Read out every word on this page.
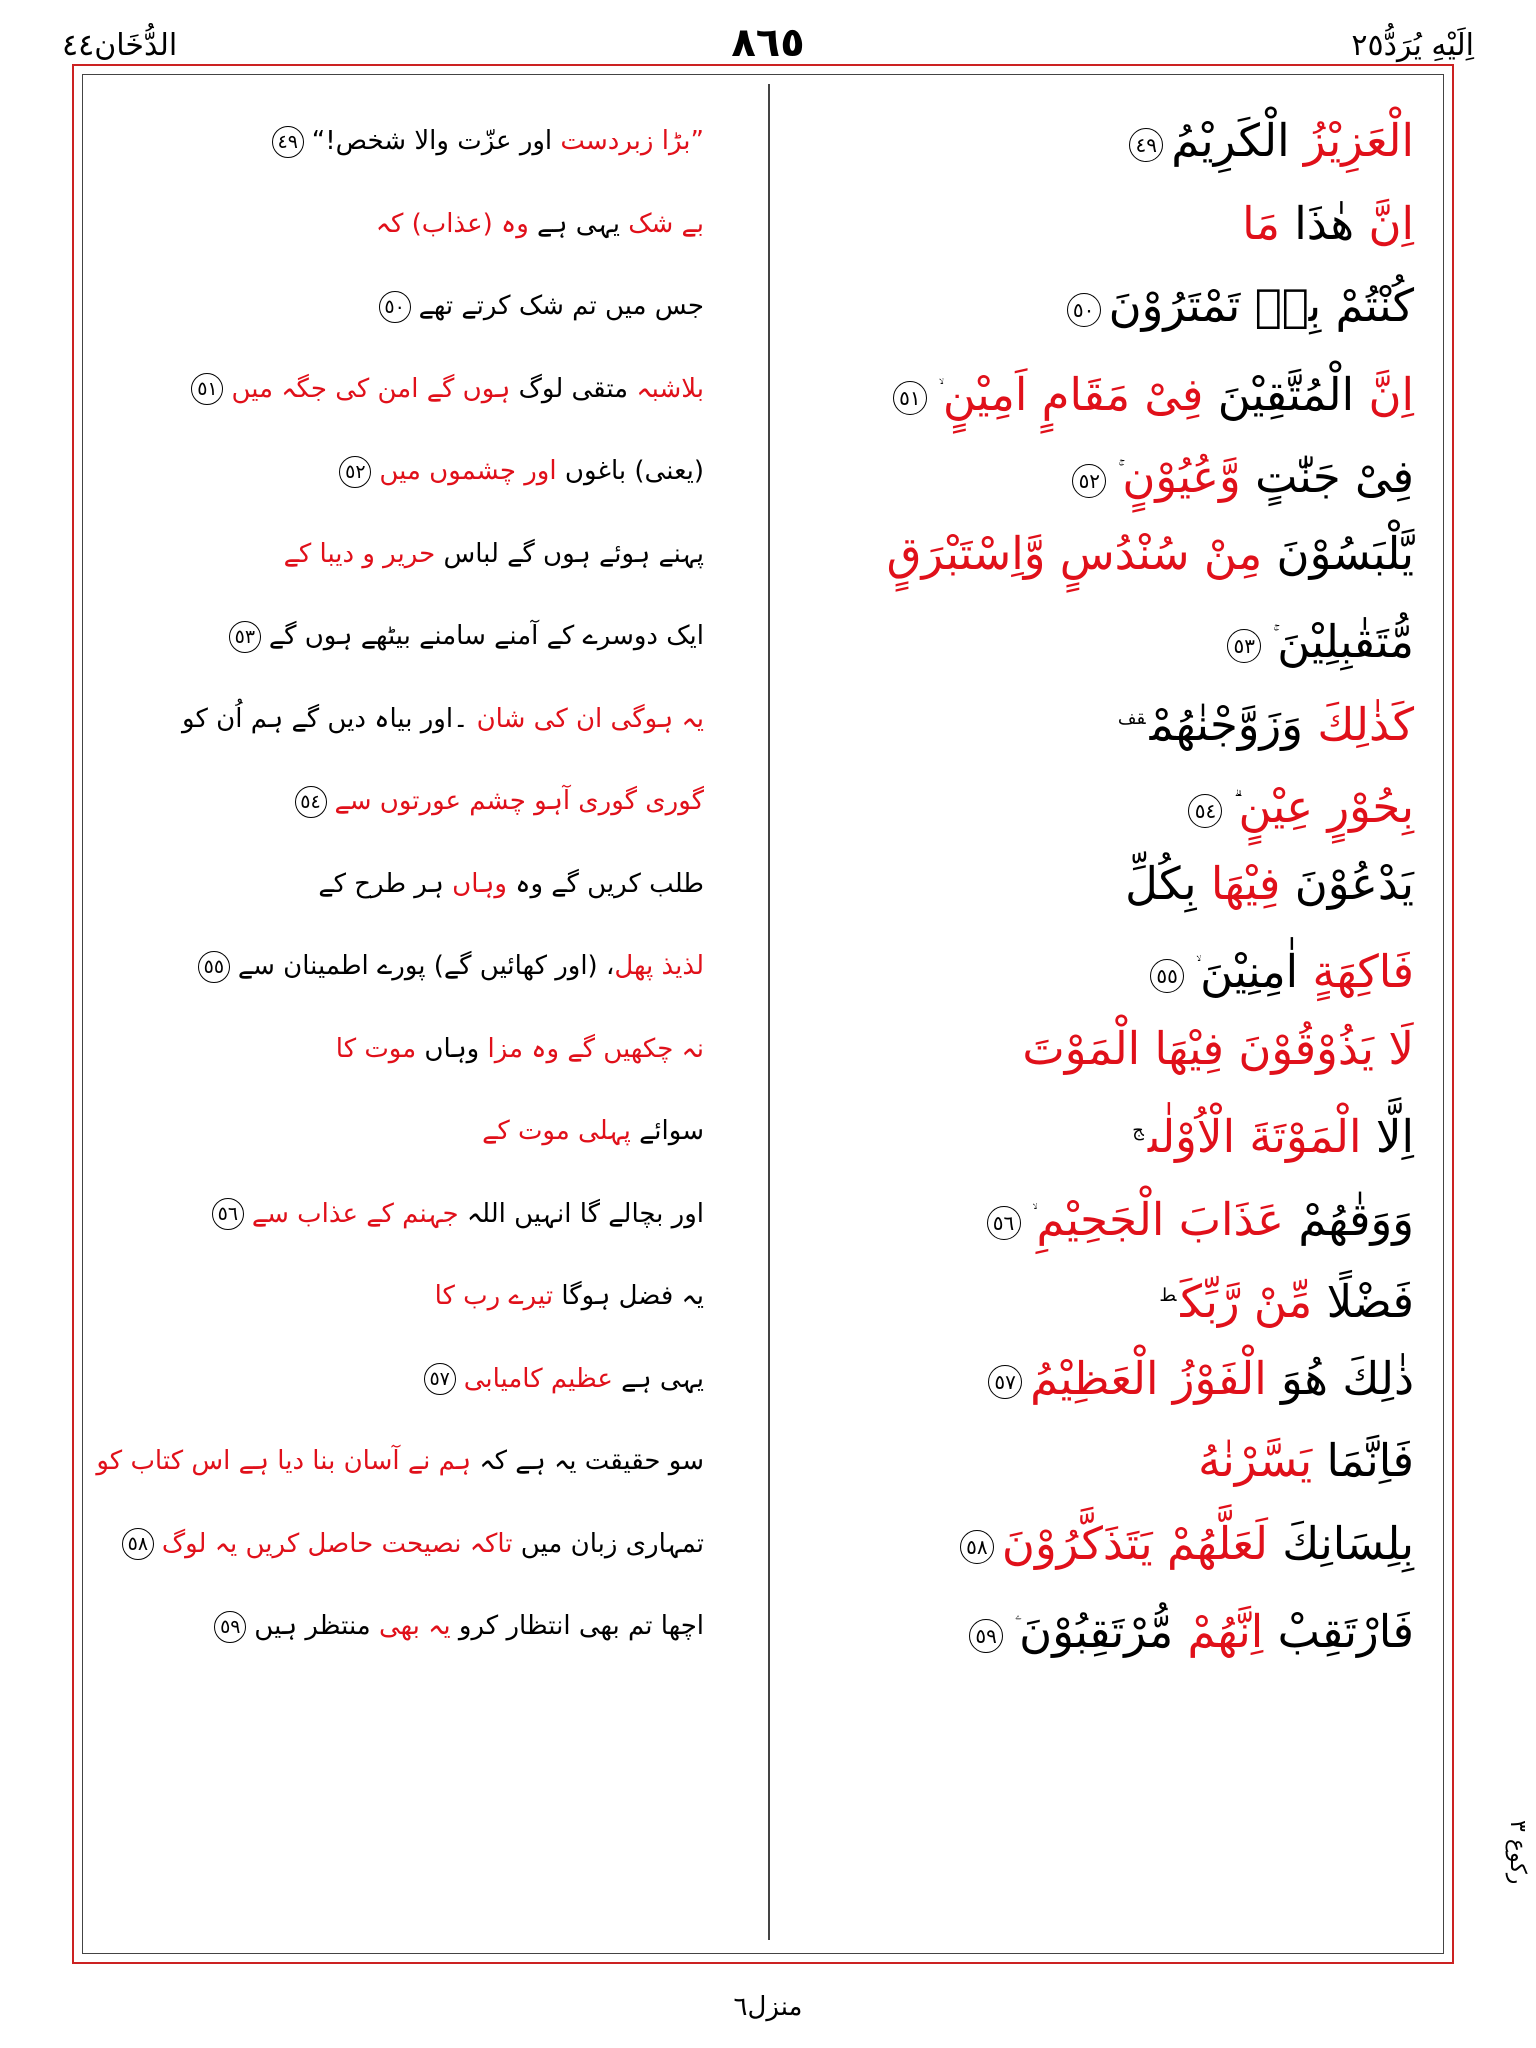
الدُّخَان٤٤	٨٦٥	اِلَيْهِ يُرَدُّ٢٥
الْعَزِيْزُ الْكَرِيْمُ٤٩
”بڑا زبردست اور عزّت والا شخص!“٤٩
اِنَّ هٰذَا مَا
بے شک یہی ہے وہ (عذاب) کہ
كُنْتُمْ بِهٖ تَمْتَرُوْنَ٥٠
جس میں تم شک کرتے تھے٥٠
اِنَّ الْمُتَّقِيْنَ فِىْ مَقَامٍ اَمِيْنٍ٥١
بلاشبہ متقی لوگ ہوں گے امن کی جگہ میں٥١
فِىْ جَنّٰتٍ وَّعُيُوْنٍ٥٢
(یعنی) باغوں اور چشموں میں٥٢
يَّلْبَسُوْنَ مِنْ سُنْدُسٍ وَّاِسْتَبْرَقٍ
پہنے ہوئے ہوں گے لباس حریر و دیبا کے
مُّتَقٰبِلِيْنَ٥٣
ایک دوسرے کے آمنے سامنے بیٹھے ہوں گے٥٣
كَذٰلِكَ وَزَوَّجْنٰهُمْ$^{قف}$
یہ ہوگی ان کی شان ۔اور بیاہ دیں گے ہم اُن کو
بِحُوْرٍ عِيْنٍ٥٤
گوری گوری آہو چشم عورتوں سے٥٤
يَدْعُوْنَ فِيْهَا بِكُلِّ
طلب کریں گے وہ وہاں ہر طرح کے
فَاكِهَةٍ اٰمِنِيْنَ٥٥
لذیذ پھل، (اور کھائیں گے) پورے اطمینان سے٥٥
لَا يَذُوْقُوْنَ فِيْهَا الْمَوْتَ
نہ چکھیں گے وہ مزا وہاں موت کا
اِلَّا الْمَوْتَةَ الْاُوْلٰى$^ج$
سوائے پہلی موت کے
وَوَقٰهُمْ عَذَابَ الْجَحِيْمِ٥٦
اور بچالے گا انہیں اللہ جہنم کے عذاب سے٥٦
فَضْلًا مِّنْ رَّبِّكَ$^ط$
یہ فضل ہوگا تیرے رب کا
ذٰلِكَ هُوَ الْفَوْزُ الْعَظِيْمُ٥٧
یہی ہے عظیم کامیابی٥٧
فَاِنَّمَا يَسَّرْنٰهُ
سو حقیقت یہ ہے کہ ہم نے آسان بنا دیا ہے اس کتاب کو
بِلِسَانِكَ لَعَلَّهُمْ يَتَذَكَّرُوْنَ٥٨
تمہاری زبان میں تاکہ نصیحت حاصل کریں یہ لوگ٥٨
فَارْتَقِبْ اِنَّهُمْ مُّرْتَقِبُوْنَ٥٩
اچھا تم بھی انتظار کرو یہ بھی منتظر ہیں٥٩
ركوع ٣
منزل٦
